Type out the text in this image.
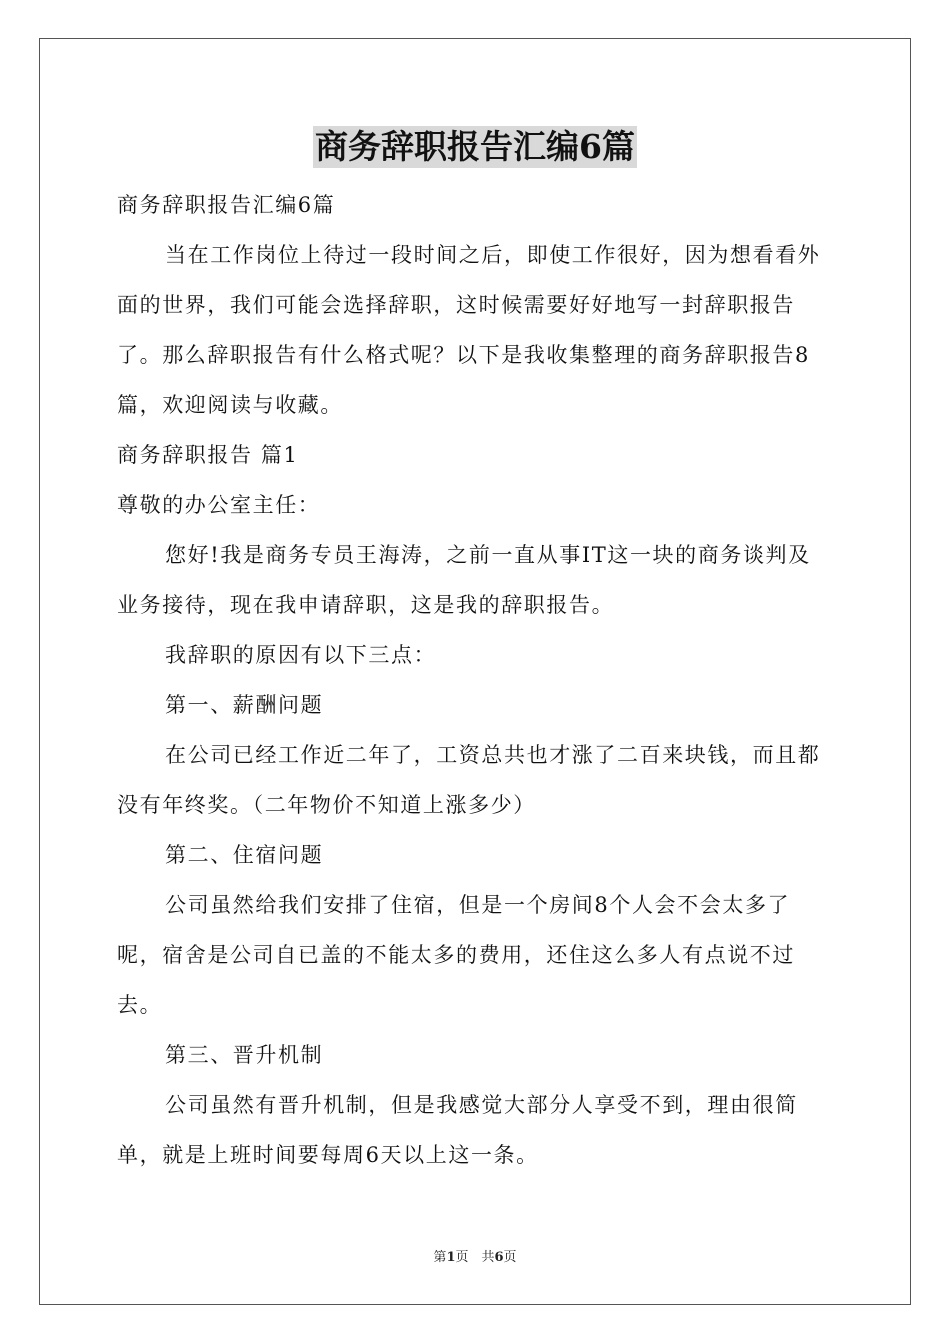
商务辞职报告汇编6篇

商务辞职报告汇编6篇

当在工作岗位上待过一段时间之后，即使工作很好，因为想看看外面的世界，我们可能会选择辞职，这时候需要好好地写一封辞职报告了。那么辞职报告有什么格式呢？以下是我收集整理的商务辞职报告8篇，欢迎阅读与收藏。

商务辞职报告 篇1

尊敬的办公室主任：

您好!我是商务专员王海涛，之前一直从事IT这一块的商务谈判及业务接待，现在我申请辞职，这是我的辞职报告。

我辞职的原因有以下三点：

第一、薪酬问题

在公司已经工作近二年了，工资总共也才涨了二百来块钱，而且都没有年终奖。（二年物价不知道上涨多少）

第二、住宿问题

公司虽然给我们安排了住宿，但是一个房间8个人会不会太多了呢，宿舍是公司自已盖的不能太多的费用，还住这么多人有点说不过去。

第三、晋升机制

公司虽然有晋升机制，但是我感觉大部分人享受不到，理由很简单，就是上班时间要每周6天以上这一条。

第1页　共6页
